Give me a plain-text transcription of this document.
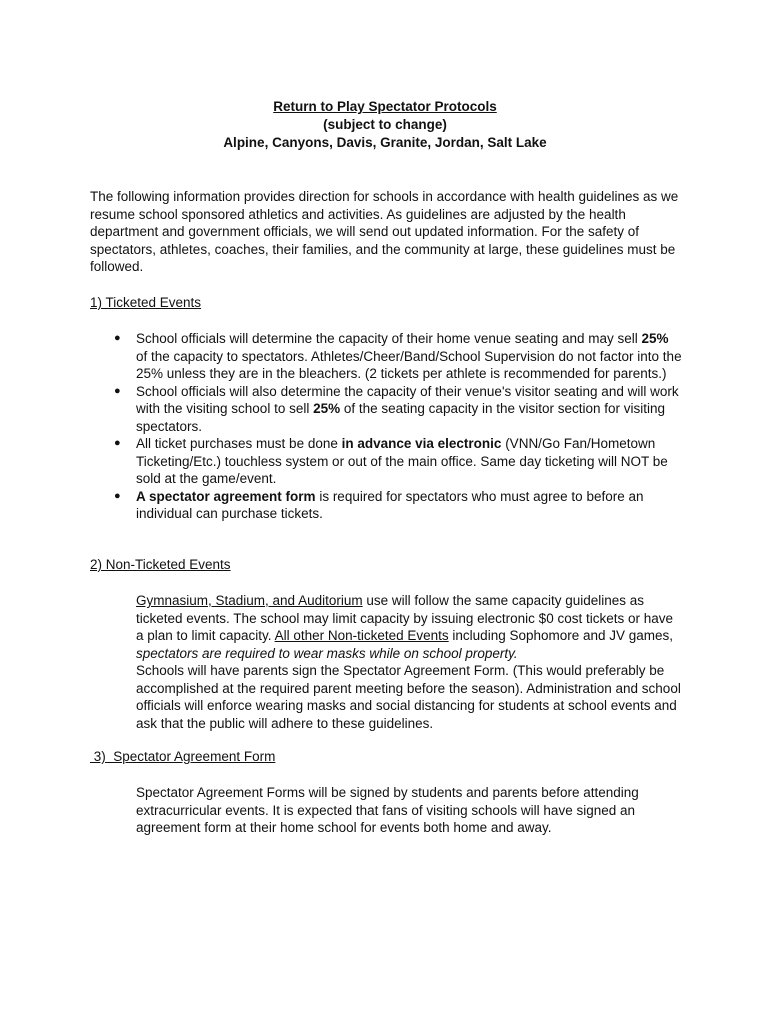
Return to Play Spectator Protocols
(subject to change)
Alpine, Canyons, Davis, Granite, Jordan, Salt Lake

The following information provides direction for schools in accordance with health guidelines as we resume school sponsored athletics and activities. As guidelines are adjusted by the health department and government officials, we will send out updated information. For the safety of spectators, athletes, coaches, their families, and the community at large, these guidelines must be followed.

1) Ticketed Events

● School officials will determine the capacity of their home venue seating and may sell 25% of the capacity to spectators. Athletes/Cheer/Band/School Supervision do not factor into the 25% unless they are in the bleachers. (2 tickets per athlete is recommended for parents.)
● School officials will also determine the capacity of their venue's visitor seating and will work with the visiting school to sell 25% of the seating capacity in the visitor section for visiting spectators.
● All ticket purchases must be done in advance via electronic (VNN/Go Fan/Hometown Ticketing/Etc.) touchless system or out of the main office. Same day ticketing will NOT be sold at the game/event.
● A spectator agreement form is required for spectators who must agree to before an individual can purchase tickets.

2) Non-Ticketed Events

Gymnasium, Stadium, and Auditorium use will follow the same capacity guidelines as ticketed events. The school may limit capacity by issuing electronic $0 cost tickets or have a plan to limit capacity. All other Non-ticketed Events including Sophomore and JV games, spectators are required to wear masks while on school property.
Schools will have parents sign the Spectator Agreement Form. (This would preferably be accomplished at the required parent meeting before the season). Administration and school officials will enforce wearing masks and social distancing for students at school events and ask that the public will adhere to these guidelines.

3)  Spectator Agreement Form

Spectator Agreement Forms will be signed by students and parents before attending extracurricular events. It is expected that fans of visiting schools will have signed an agreement form at their home school for events both home and away.
